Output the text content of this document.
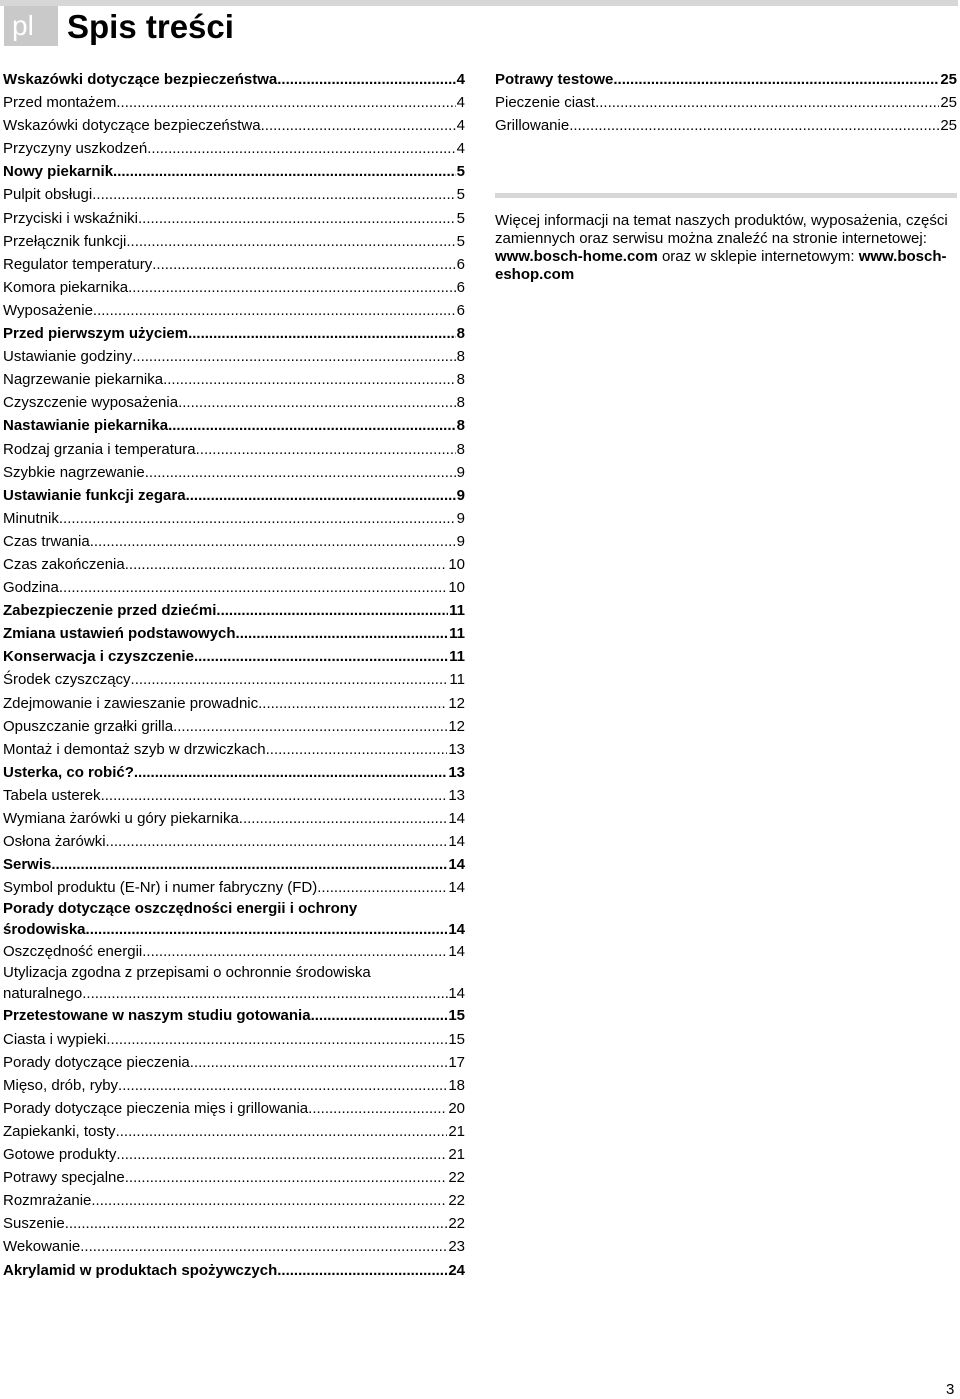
pl	Spis treści
Wskazówki dotyczące bezpieczeństwa .....	4
Przed montażem .....	4
Wskazówki dotyczące bezpieczeństwa .....	4
Przyczyny uszkodzeń .....	4
Nowy piekarnik .....	5
Pulpit obsługi .....	5
Przyciski i wskaźniki .....	5
Przełącznik funkcji .....	5
Regulator temperatury .....	6
Komora piekarnika .....	6
Wyposażenie .....	6
Przed pierwszym użyciem .....	8
Ustawianie godziny .....	8
Nagrzewanie piekarnika .....	8
Czyszczenie wyposażenia .....	8
Nastawianie piekarnika .....	8
Rodzaj grzania i temperatura .....	8
Szybkie nagrzewanie .....	9
Ustawianie funkcji zegara .....	9
Minutnik .....	9
Czas trwania .....	9
Czas zakończenia .....	10
Godzina .....	10
Zabezpieczenie przed dziećmi .....	11
Zmiana ustawień podstawowych .....	11
Konserwacja i czyszczenie .....	11
Środek czyszczący .....	11
Zdejmowanie i zawieszanie prowadnic .....	12
Opuszczanie grzałki grilla .....	12
Montaż i demontaż szyb w drzwiczkach .....	13
Usterka, co robić? .....	13
Tabela usterek .....	13
Wymiana żarówki u góry piekarnika .....	14
Osłona żarówki .....	14
Serwis .....	14
Symbol produktu (E-Nr) i numer fabryczny (FD) .....	14
Porady dotyczące oszczędności energii i ochrony
środowiska .....	14
Oszczędność energii .....	14
Utylizacja zgodna z przepisami o ochronnie środowiska
naturalnego .....	14
Przetestowane w naszym studiu gotowania .....	15
Ciasta i wypieki .....	15
Porady dotyczące pieczenia .....	17
Mięso, drób, ryby .....	18
Porady dotyczące pieczenia mięs i grillowania .....	20
Zapiekanki, tosty .....	21
Gotowe produkty .....	21
Potrawy specjalne .....	22
Rozmrażanie .....	22
Suszenie .....	22
Wekowanie .....	23
Akrylamid w produktach spożywczych .....	24
Potrawy testowe .....	25
Pieczenie ciast .....	25
Grillowanie .....	25

Więcej informacji na temat naszych produktów, wyposażenia, części zamiennych oraz serwisu można znaleźć na stronie internetowej: www.bosch-home.com oraz w sklepie internetowym: www.bosch-eshop.com

3
